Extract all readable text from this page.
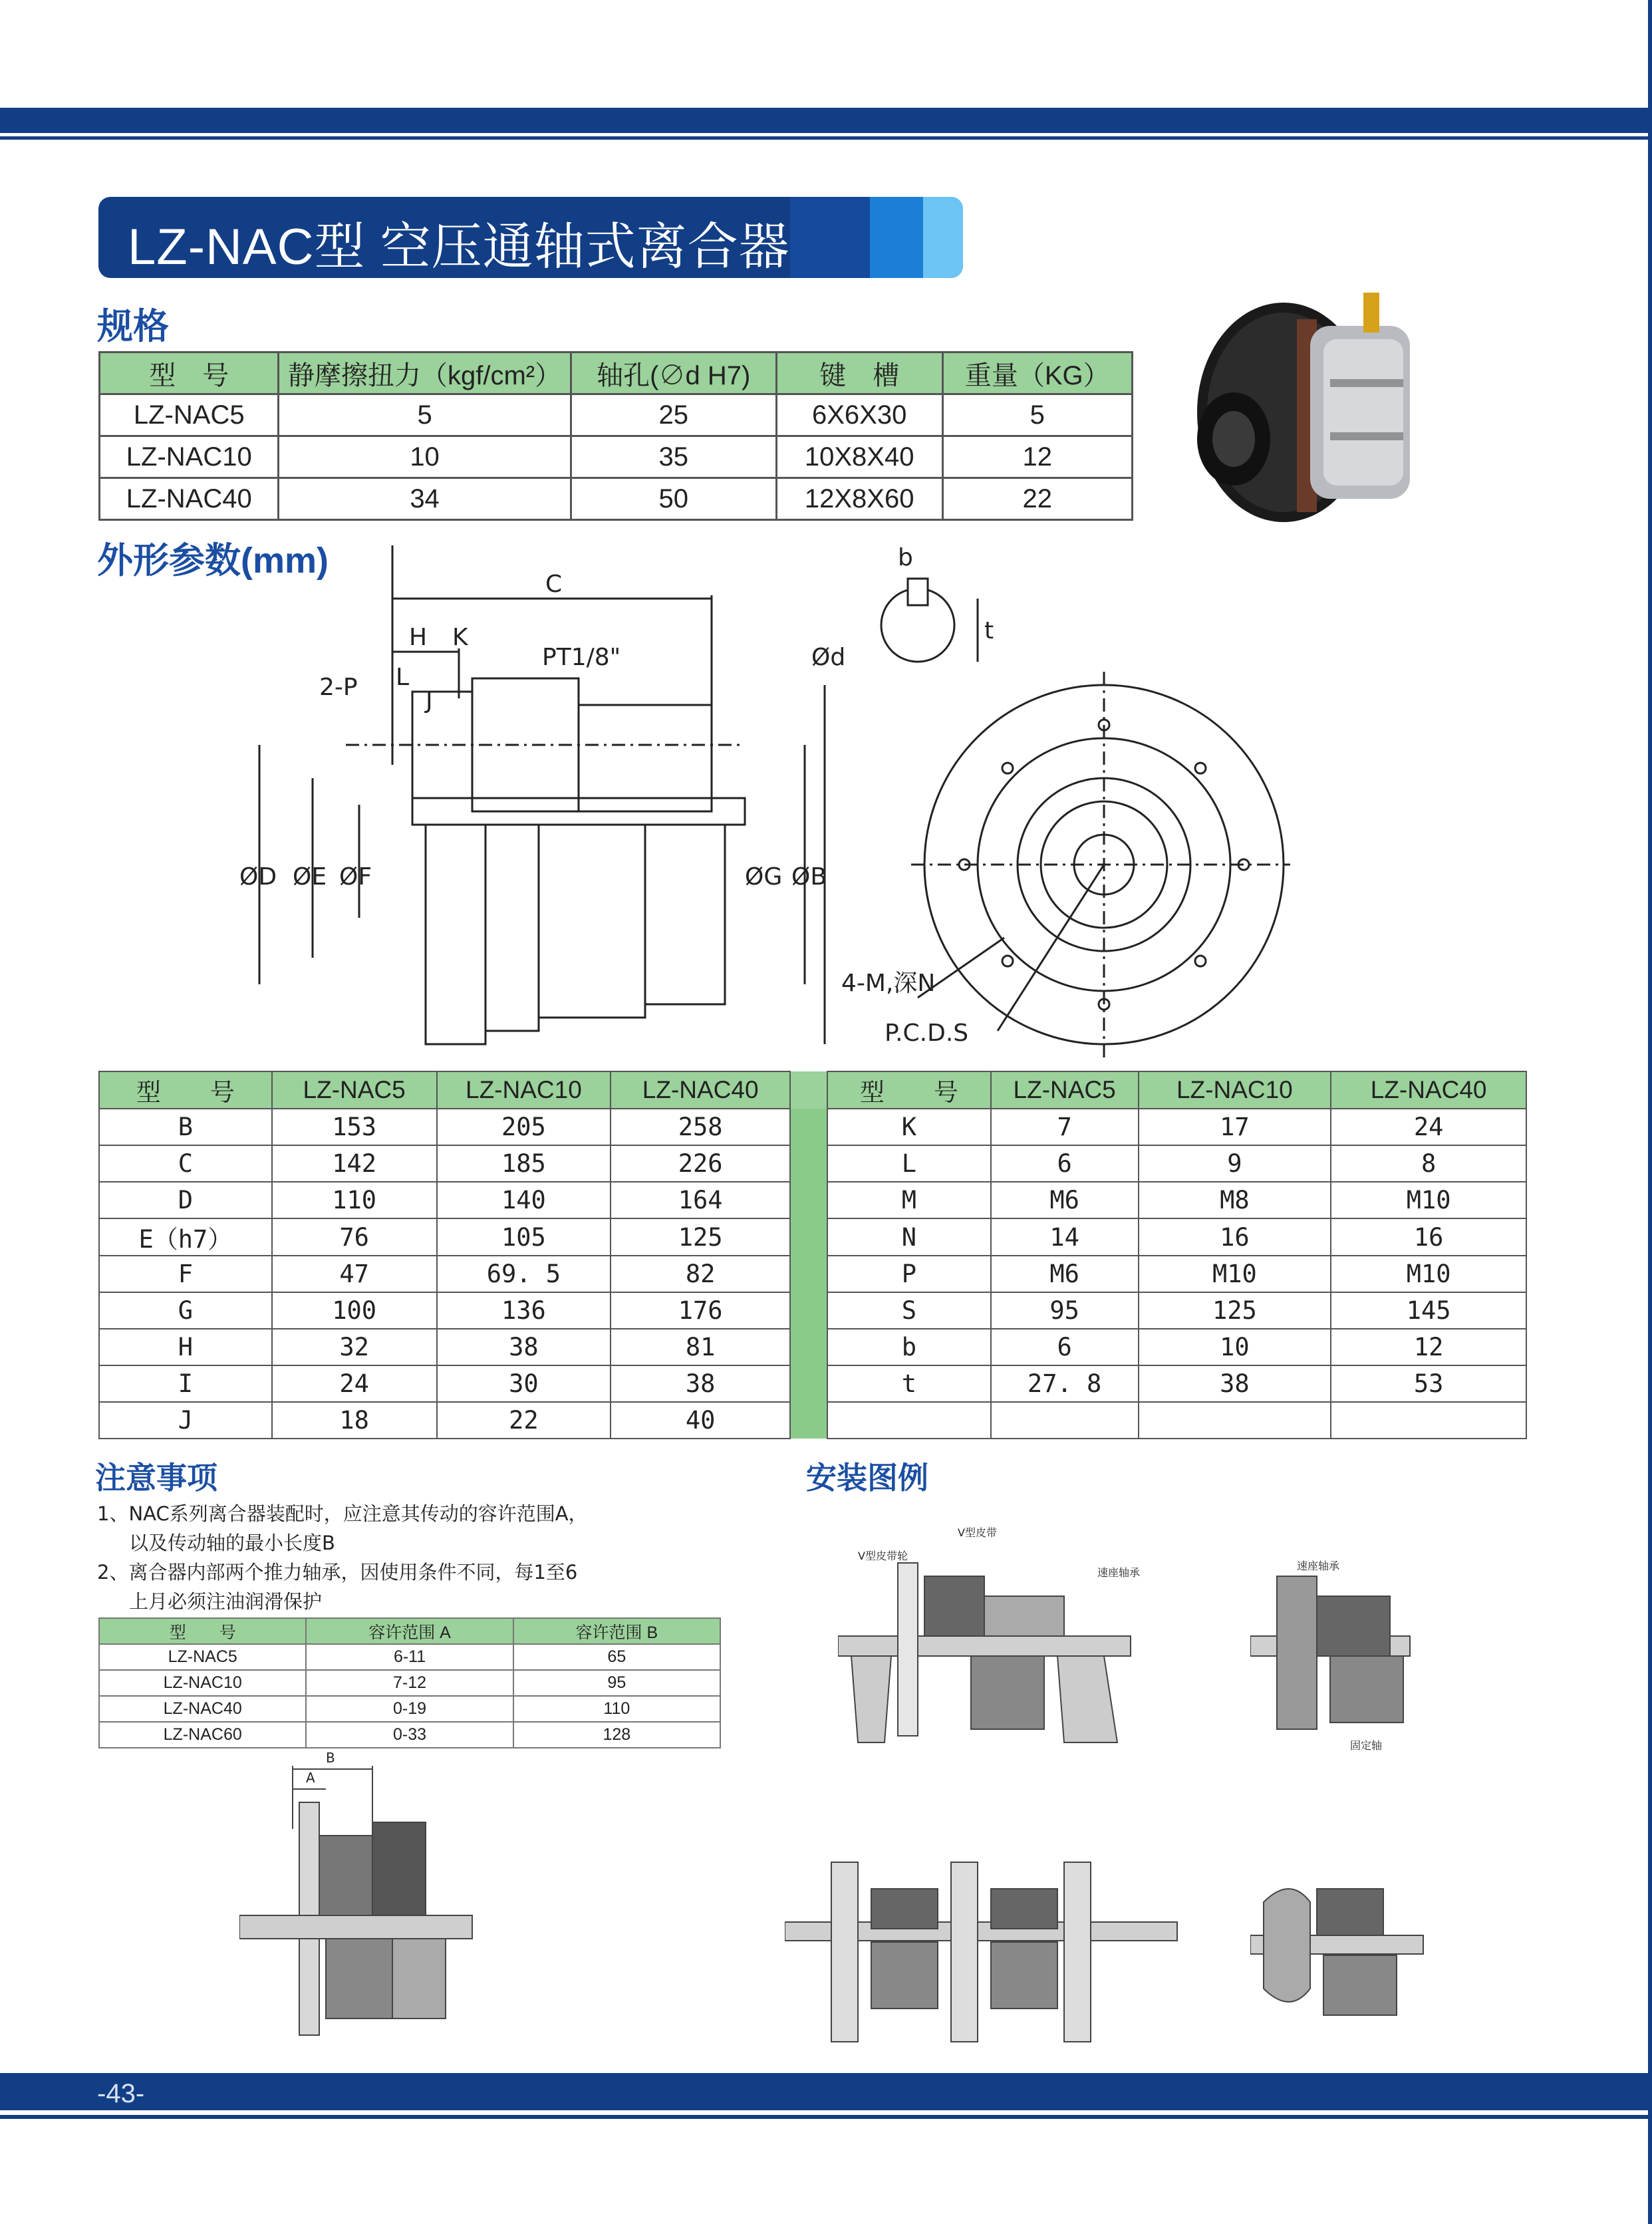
LZ-NAC型 空压通轴式离合器
规格
型　号	静摩擦扭力（kgf/cm²）	轴孔(∅d H7)	键　槽	重量（KG）
LZ-NAC5	5	25	6X6X30	5
LZ-NAC10	10	35	10X8X40	12
LZ-NAC40	34	50	12X8X60	22
外形参数(mm)
C
H K
L
J
2-P
PT1/8"
b
t
Ød
ØD ØE ØF	ØG ØB
4-M,深N
P.C.D.S
型　　号	LZ-NAC5	LZ-NAC10	LZ-NAC40		型　　号	LZ-NAC5	LZ-NAC10	LZ-NAC40
B	153	205	258		K	7	17	24
C	142	185	226		L	6	9	8
D	110	140	164		M	M6	M8	M10
E（h7）	76	105	125		N	14	16	16
F	47	69. 5	82		P	M6	M10	M10
G	100	136	176		S	95	125	145
H	32	38	81		b	6	10	12
I	24	30	38		t	27. 8	38	53
J	18	22	40					
注意事项
1、NAC系列离合器装配时，应注意其传动的容许范围A，
以及传动轴的最小长度B
2、离合器内部两个推力轴承，因使用条件不同，每1至6
上月必须注油润滑保护
型　　号	容许范围 A	容许范围 B
LZ-NAC5	6-11	65
LZ-NAC10	7-12	95
LZ-NAC40	0-19	110
LZ-NAC60	0-33	128
A
B
安装图例
V型皮带轮
V型皮带
速座轴承
速座轴承
固定轴
-43-
